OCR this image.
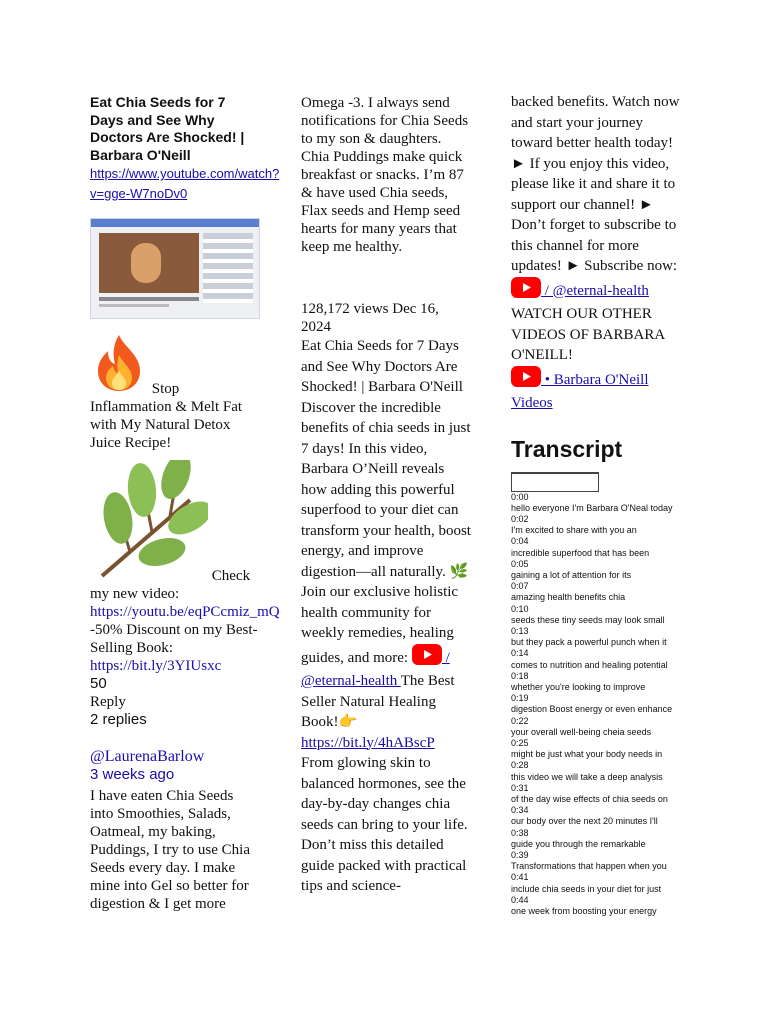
Eat Chia Seeds for 7 Days and See Why Doctors Are Shocked! | Barbara O'Neill
https://www.youtube.com/watch?v=gge-W7noDv0
Stop Inflammation & Melt Fat with My Natural Detox Juice Recipe!
Check my new video:
https://youtu.be/eqPCcmiz_mQ
-50% Discount on my Best-Selling Book:
https://bit.ly/3YIUsxc
50
Reply
2 replies
@LaurenaBarlow
3 weeks ago
I have eaten Chia Seeds into Smoothies, Salads, Oatmeal, my baking, Puddings, I try to use Chia Seeds every day. I make mine into Gel so better for digestion & I get more
Omega -3. I always send notifications for Chia Seeds to my son & daughters. Chia Puddings make quick breakfast or snacks. I’m 87 & have used Chia seeds, Flax seeds and Hemp seed hearts for many years that keep me healthy.
128,172 views Dec 16, 2024
Eat Chia Seeds for 7 Days and See Why Doctors Are Shocked! | Barbara O'Neill Discover the incredible benefits of chia seeds in just 7 days! In this video, Barbara O’Neill reveals how adding this powerful superfood to your diet can transform your health, boost energy, and improve digestion—all naturally. 🌿 Join our exclusive holistic health community for weekly remedies, healing guides, and more:  / @eternal-health The Best Seller Natural Healing Book!👉
https://bit.ly/4hABscP
From glowing skin to balanced hormones, see the day-by-day changes chia seeds can bring to your life. Don’t miss this detailed guide packed with practical tips and science-
backed benefits. Watch now and start your journey toward better health today! ► If you enjoy this video, please like it and share it to support our channel! ► Don’t forget to subscribe to this channel for more updates! ► Subscribe now:  / @eternal-health WATCH OUR OTHER VIDEOS OF BARBARA O'NEILL!
• Barbara O'Neill Videos
Transcript
0:00
hello everyone I'm Barbara O'Neal today
0:02
I'm excited to share with you an
0:04
incredible superfood that has been
0:05
gaining a lot of attention for its
0:07
amazing health benefits chia
0:10
seeds these tiny seeds may look small
0:13
but they pack a powerful punch when it
0:14
comes to nutrition and healing potential
0:18
whether you're looking to improve
0:19
digestion Boost energy or even enhance
0:22
your overall well-being cheia seeds
0:25
might be just what your body needs in
0:28
this video we will take a deep analysis
0:31
of the day wise effects of chia seeds on
0:34
our body over the next 20 minutes I'll
0:38
guide you through the remarkable
0:39
Transformations that happen when you
0:41
include chia seeds in your diet for just
0:44
one week from boosting your energy
